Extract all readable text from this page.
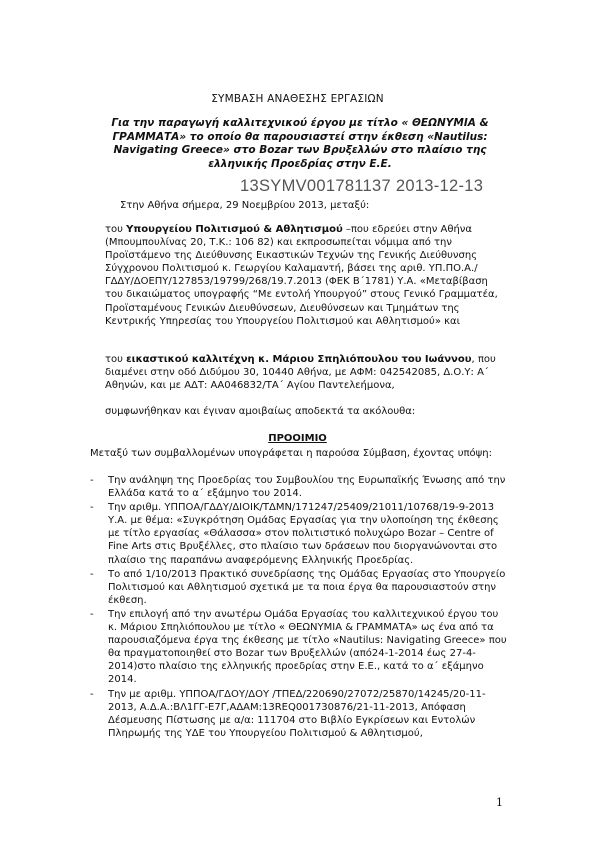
ΣΥΜΒΑΣΗ ΑΝΑΘΕΣΗΣ ΕΡΓΑΣΙΩΝ
Για την παραγωγή καλλιτεχνικού έργου με τίτλο « ΘΕΩΝΥΜΙΑ & ΓΡΑΜΜΑΤΑ» το οποίο θα παρουσιαστεί στην έκθεση «Nautilus: Navigating Greece» στο Bozar των Βρυξελλών στο πλαίσιο της ελληνικής Προεδρίας στην Ε.Ε.
13SYMV001781137 2013-12-13
Στην Αθήνα σήμερα, 29 Νοεμβρίου 2013, μεταξύ:
του Υπουργείου Πολιτισμού & Αθλητισμού –που εδρεύει στην Αθήνα (Μπουμπουλίνας 20, Τ.Κ.: 106 82) και εκπροσωπείται νόμιμα από την Προϊστάμενο της Διεύθυνσης Εικαστικών Τεχνών της Γενικής Διεύθυνσης Σύγχρονου Πολιτισμού κ. Γεωργίου Καλαμαντή, βάσει της αριθ. ΥΠ.ΠΟ.Α./ΓΔΔΥ/ΔΟΕΠΥ/127853/19799/268/19.7.2013 (ΦΕΚ Β΄1781) Υ.Α. «Μεταβίβαση του δικαιώματος υπογραφής “Με εντολή Υπουργού” στους Γενικό Γραμματέα, Προϊσταμένους Γενικών Διευθύνσεων, Διευθύνσεων και Τμημάτων της Κεντρικής Υπηρεσίας του Υπουργείου Πολιτισμού και Αθλητισμού» και
του εικαστικού καλλιτέχνη κ. Μάριου Σπηλιόπουλου του Ιωάννου, που διαμένει στην οδό Διδύμου 30, 10440 Αθήνα, με ΑΦΜ: 042542085, Δ.Ο.Υ: Α΄ Αθηνών, και με ΑΔΤ: ΑΑ046832/ΤΑ΄ Αγίου Παντελεήμονα,
συμφωνήθηκαν και έγιναν αμοιβαίως αποδεκτά τα ακόλουθα:
ΠΡΟΟΙΜΙΟ
Μεταξύ των συμβαλλομένων υπογράφεται η παρούσα Σύμβαση, έχοντας υπόψη:
- Την ανάληψη της Προεδρίας του Συμβουλίου της Ευρωπαϊκής Ένωσης από την Ελλάδα κατά το α΄ εξάμηνο του 2014.
- Την αριθμ. ΥΠΠΟΑ/ΓΔΔΥ/ΔΙΟΙΚ/ΤΔΜΝ/171247/25409/21011/10768/19-9-2013 Υ.Α. με θέμα: «Συγκρότηση Ομάδας Εργασίας για την υλοποίηση της έκθεσης με τίτλο εργασίας «Θάλασσα» στον πολιτιστικό πολυχώρο Bozar – Centre of Fine Arts στις Βρυξέλλες, στο πλαίσιο των δράσεων που διοργανώνονται στο πλαίσιο της παραπάνω αναφερόμενης Ελληνικής Προεδρίας.
- Το από 1/10/2013 Πρακτικό συνεδρίασης της Ομάδας Εργασίας στο Υπουργείο Πολιτισμού και Αθλητισμού σχετικά με τα ποια έργα θα παρουσιαστούν στην έκθεση.
- Την επιλογή από την ανωτέρω Ομάδα Εργασίας του καλλιτεχνικού έργου του κ. Μάριου Σπηλιόπουλου με τίτλο « ΘΕΩΝΥΜΙΑ & ΓΡΑΜΜΑΤΑ» ως ένα από τα παρουσιαζόμενα έργα της έκθεσης με τίτλο «Nautilus: Navigating Greece» που θα πραγματοποιηθεί στο Bozar των Βρυξελλών (από24-1-2014 έως 27-4-2014)στο πλαίσιο της ελληνικής προεδρίας στην Ε.Ε., κατά το α΄ εξάμηνο 2014.
- Την με αριθμ. ΥΠΠΟΑ/ΓΔΟΥ/ΔΟΥ /ΤΠΕΔ/220690/27072/25870/14245/20-11-2013, Α.Δ.Α.:ΒΛ1ΓΓ-Ε7Γ,ΑΔΑΜ:13REQ001730876/21-11-2013, Απόφαση Δέσμευσης Πίστωσης με α/α: 111704 στο Βιβλίο Εγκρίσεων και Εντολών Πληρωμής της ΥΔΕ του Υπουργείου Πολιτισμού & Αθλητισμού,
1
